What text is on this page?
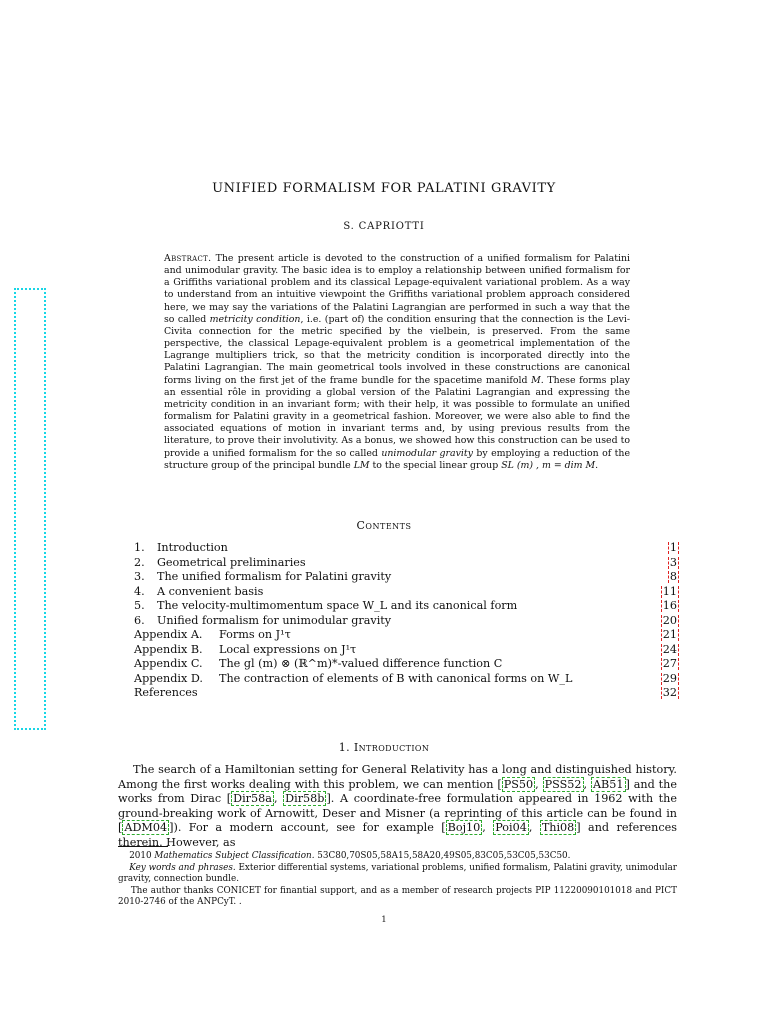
UNIFIED FORMALISM FOR PALATINI GRAVITY
S. CAPRIOTTI
Abstract. The present article is devoted to the construction of a unified formalism for Palatini and unimodular gravity. The basic idea is to employ a relationship between unified formalism for a Griffiths variational problem and its classical Lepage-equivalent variational problem. As a way to understand from an intuitive viewpoint the Griffiths variational problem approach considered here, we may say the variations of the Palatini Lagrangian are performed in such a way that the so called metricity condition, i.e. (part of) the condition ensuring that the connection is the Levi-Civita connection for the metric specified by the vielbein, is preserved. From the same perspective, the classical Lepage-equivalent problem is a geometrical implementation of the Lagrange multipliers trick, so that the metricity condition is incorporated directly into the Palatini Lagrangian. The main geometrical tools involved in these constructions are canonical forms living on the first jet of the frame bundle for the spacetime manifold M. These forms play an essential rôle in providing a global version of the Palatini Lagrangian and expressing the metricity condition in an invariant form; with their help, it was possible to formulate an unified formalism for Palatini gravity in a geometrical fashion. Moreover, we were also able to find the associated equations of motion in invariant terms and, by using previous results from the literature, to prove their involutivity. As a bonus, we showed how this construction can be used to provide a unified formalism for the so called unimodular gravity by employing a reduction of the structure group of the principal bundle LM to the special linear group SL (m) , m = dim M.
Contents
1. Introduction	1
2. Geometrical preliminaries	3
3. The unified formalism for Palatini gravity	8
4. A convenient basis	11
5. The velocity-multimomentum space W_L and its canonical form	16
6. Unified formalism for unimodular gravity	20
Appendix A. Forms on J¹τ	21
Appendix B. Local expressions on J¹τ	24
Appendix C. The gl (m) ⊗ (ℝ^m)*-valued difference function C	27
Appendix D. The contraction of elements of B with canonical forms on W_L	29
References	32
1. Introduction
The search of a Hamiltonian setting for General Relativity has a long and distinguished history. Among the first works dealing with this problem, we can mention [ PS50 , PSS52 , AB51 ] and the works from Dirac [ Dir58a , Dir58b ]. A coordinate-free formulation appeared in 1962 with the ground-breaking work of Arnowitt, Deser and Misner (a reprinting of this article can be found in [ ADM04 ]). For a modern account, see for example [ Boj10 , Poi04 , Thi08 ] and references therein. However, as

2010 Mathematics Subject Classification. 53C80,70S05,58A15,58A20,49S05,83C05,53C05,53C50.

Key words and phrases. Exterior differential systems, variational problems, unified formalism, Palatini gravity, unimodular gravity, connection bundle.

The author thanks CONICET for finantial support, and as a member of research projects PIP 11220090101018 and PICT 2010-2746 of the ANPCyT. .

1
